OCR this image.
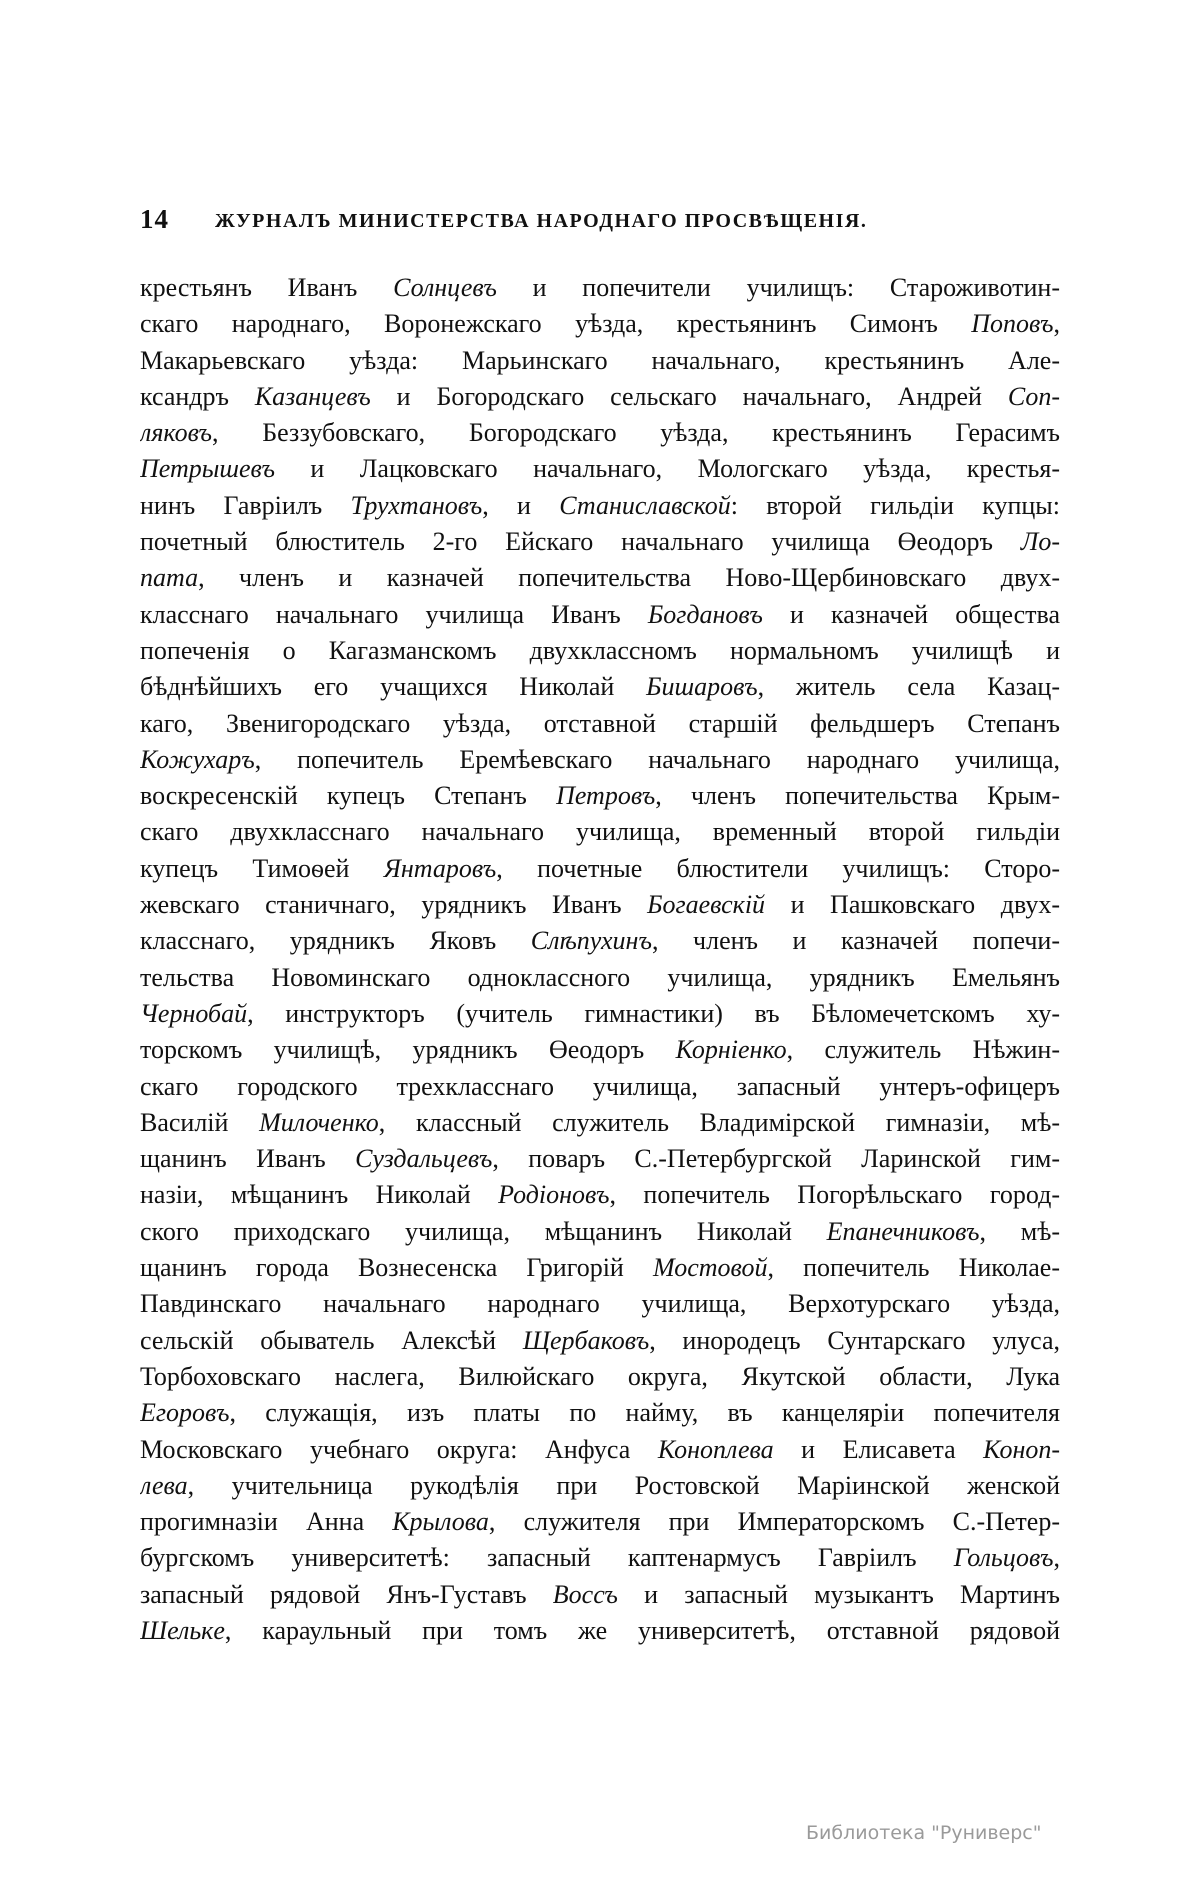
14 ЖУРНАЛЪ МИНИСТЕРСТВА НАРОДНАГО ПРОСВѢЩЕНІЯ.
крестьянъ Иванъ Солнцевъ и попечители училищъ: Староживотин-
скаго народнаго, Воронежскаго уѣзда, крестьянинъ Симонъ Поповъ,
Макарьевскаго уѣзда: Марьинскаго начальнаго, крестьянинъ Але-
ксандръ Казанцевъ и Богородскаго сельскаго начальнаго, Андрей Соп-
ляковъ, Беззубовскаго, Богородскаго уѣзда, крестьянинъ Герасимъ
Петрышевъ и Лацковскаго начальнаго, Мологскаго уѣзда, крестья-
нинъ Гавріилъ Трухтановъ, и Станиславской: второй гильдіи купцы:
почетный блюститель 2-го Ейскаго начальнаго училища Өеодоръ Ло-
пата, членъ и казначей попечительства Ново-Щербиновскаго двух-
класснаго начальнаго училища Иванъ Богдановъ и казначей общества
попеченія о Кагазманскомъ двухклассномъ нормальномъ училищѣ и
бѣднѣйшихъ его учащихся Николай Бишаровъ, житель села Казац-
каго, Звенигородскаго уѣзда, отставной старшій фельдшеръ Степанъ
Кожухаръ, попечитель Еремѣевскаго начальнаго народнаго училища,
воскресенскій купецъ Степанъ Петровъ, членъ попечительства Крым-
скаго двухкласснаго начальнаго училища, временный второй гильдіи
купецъ Тимоѳей Янтаровъ, почетные блюстители училищъ: Сторо-
жевскаго станичнаго, урядникъ Иванъ Богаевскій и Пашковскаго двух-
класснаго, урядникъ Яковъ Слѣпухинъ, членъ и казначей попечи-
тельства Новоминскаго одноклассного училища, урядникъ Емельянъ
Чернобай, инструкторъ (учитель гимнастики) въ Бѣломечетскомъ ху-
торскомъ училищѣ, урядникъ Өеодоръ Корніенко, служитель Нѣжин-
скаго городского трехкласснаго училища, запасный унтеръ-офицеръ
Василій Милоченко, классный служитель Владимірской гимназіи, мѣ-
щанинъ Иванъ Суздальцевъ, поваръ С.-Петербургской Ларинской гим-
назіи, мѣщанинъ Николай Родіоновъ, попечитель Погорѣльскаго город-
ского приходскаго училища, мѣщанинъ Николай Епанечниковъ, мѣ-
щанинъ города Вознесенска Григорій Мостовой, попечитель Николае-
Павдинскаго начальнаго народнаго училища, Верхотурскаго уѣзда,
сельскій обыватель Алексѣй Щербаковъ, инородецъ Сунтарскаго улуса,
Торбоховскаго наслега, Вилюйскаго округа, Якутской области, Лука
Егоровъ, служащія, изъ платы по найму, въ канцеляріи попечителя
Московскаго учебнаго округа: Анфуса Коноплева и Елисавета Коноп-
лева, учительница рукодѣлія при Ростовской Маріинской женской
прогимназіи Анна Крылова, служителя при Императорскомъ С.-Петер-
бургскомъ университетѣ: запасный каптенармусъ Гавріилъ Гольцовъ,
запасный рядовой Янъ-Густавъ Воссъ и запасный музыкантъ Мартинъ
Шелькe, караульный при томъ же университетѣ, отставной рядовой
Библиотека "Руниверс"
